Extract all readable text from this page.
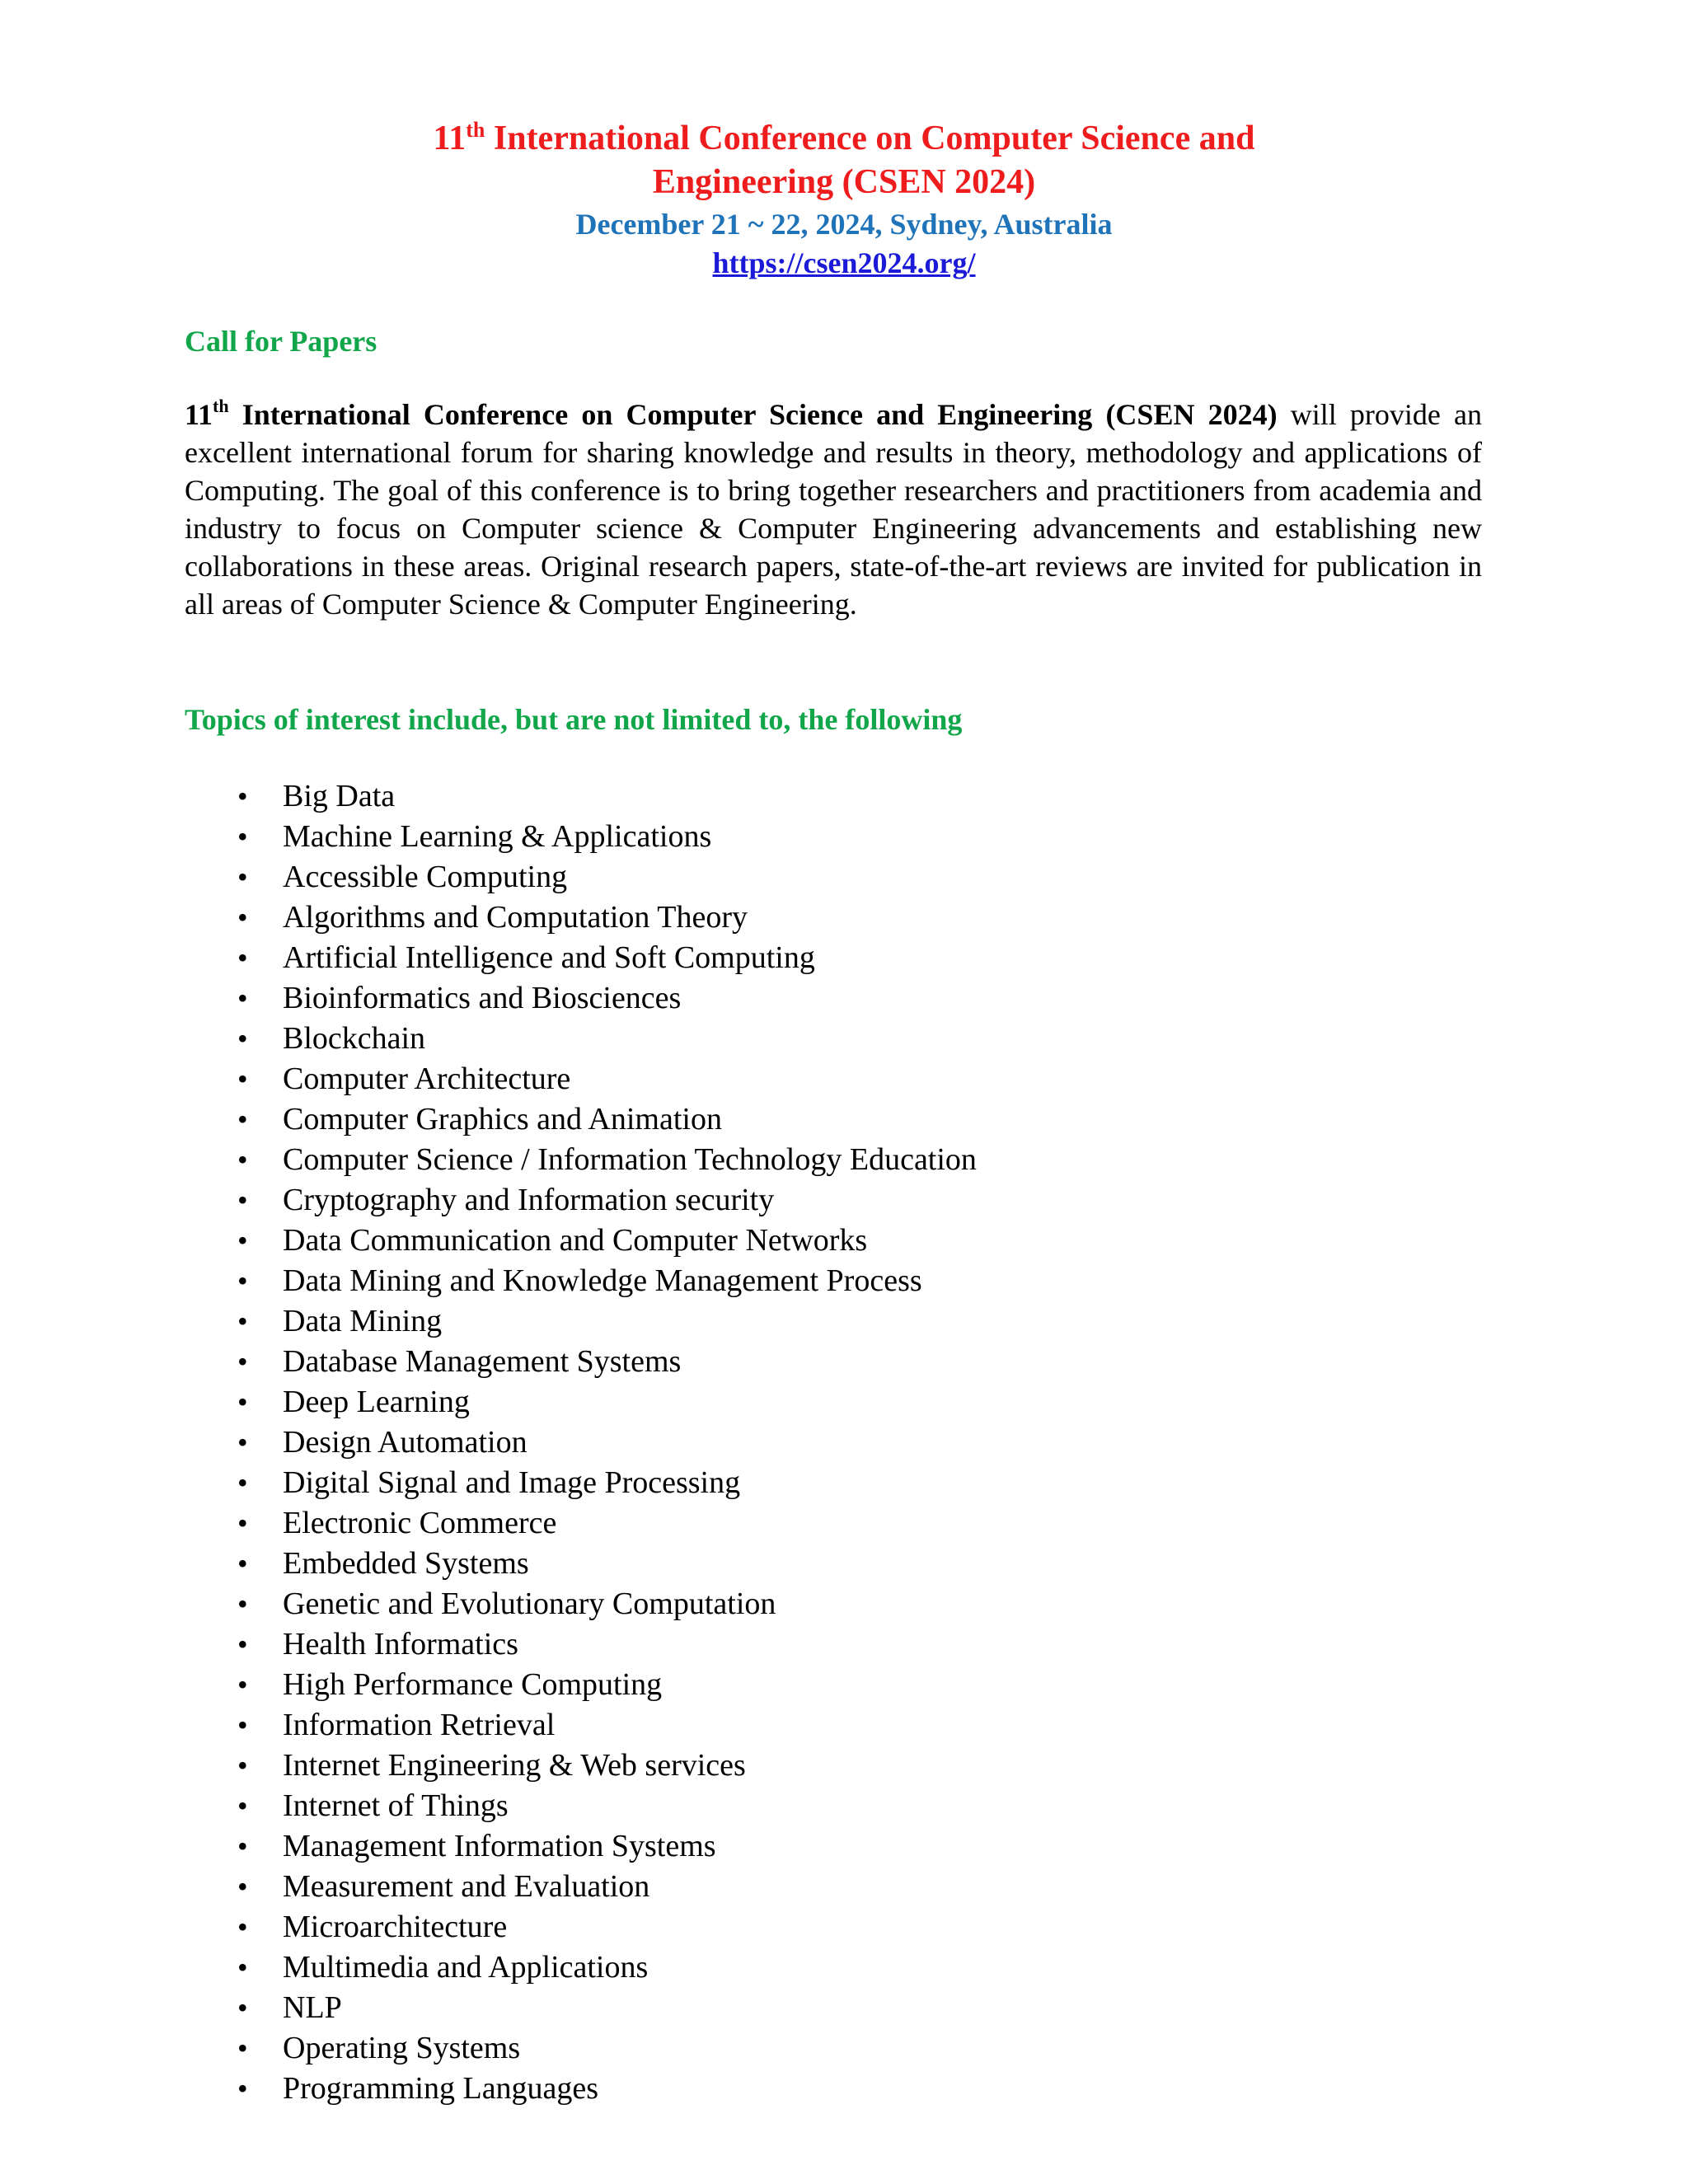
11th International Conference on Computer Science and
Engineering (CSEN 2024)
December 21 ~ 22, 2024, Sydney, Australia
https://csen2024.org/
Call for Papers
11th International Conference on Computer Science and Engineering (CSEN 2024) will provide an excellent international forum for sharing knowledge and results in theory, methodology and applications of Computing. The goal of this conference is to bring together researchers and practitioners from academia and industry to focus on Computer science & Computer Engineering advancements and establishing new collaborations in these areas. Original research papers, state-of-the-art reviews are invited for publication in all areas of Computer Science & Computer Engineering.
Topics of interest include, but are not limited to, the following
• Big Data
• Machine Learning & Applications
• Accessible Computing
• Algorithms and Computation Theory
• Artificial Intelligence and Soft Computing
• Bioinformatics and Biosciences
• Blockchain
• Computer Architecture
• Computer Graphics and Animation
• Computer Science / Information Technology Education
• Cryptography and Information security
• Data Communication and Computer Networks
• Data Mining and Knowledge Management Process
• Data Mining
• Database Management Systems
• Deep Learning
• Design Automation
• Digital Signal and Image Processing
• Electronic Commerce
• Embedded Systems
• Genetic and Evolutionary Computation
• Health Informatics
• High Performance Computing
• Information Retrieval
• Internet Engineering & Web services
• Internet of Things
• Management Information Systems
• Measurement and Evaluation
• Microarchitecture
• Multimedia and Applications
• NLP
• Operating Systems
• Programming Languages
